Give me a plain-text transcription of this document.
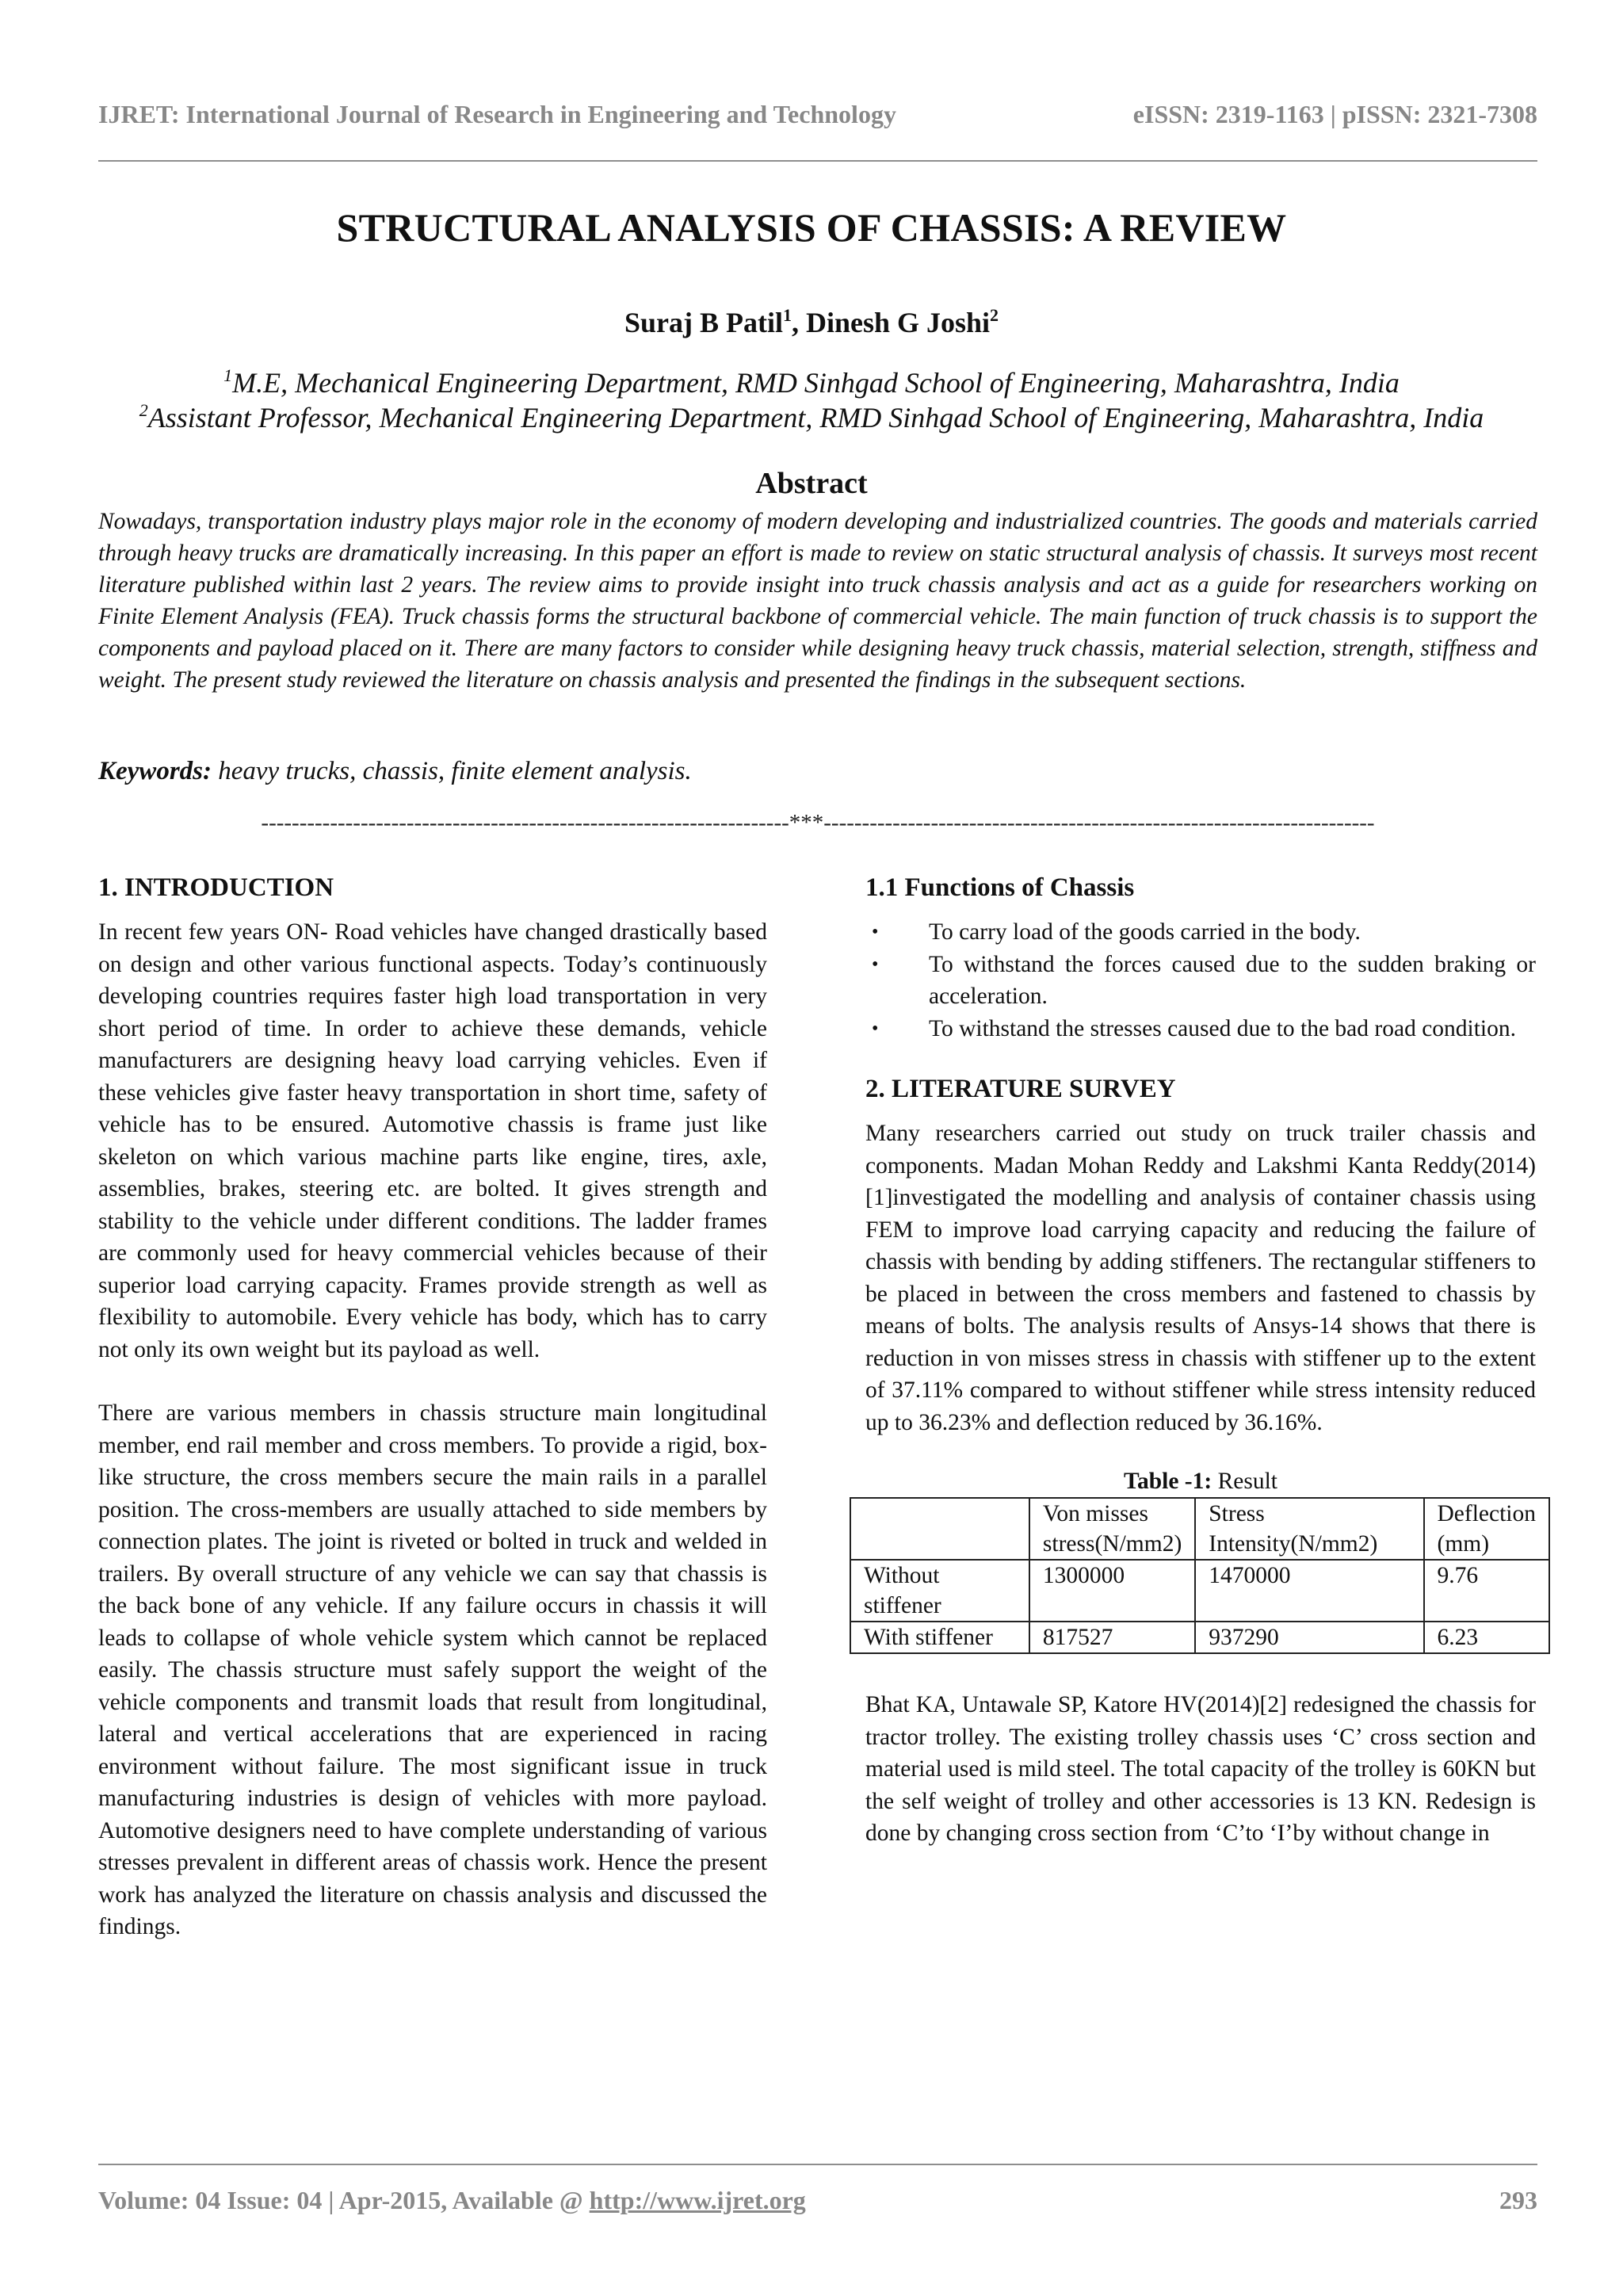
IJRET: International Journal of Research in Engineering and Technology	eISSN: 2319-1163 | pISSN: 2321-7308
STRUCTURAL ANALYSIS OF CHASSIS: A REVIEW
Suraj B Patil$^1$, Dinesh G Joshi$^2$
$^1$M.E, Mechanical Engineering Department, RMD Sinhgad School of Engineering, Maharashtra, India
$^2$Assistant Professor, Mechanical Engineering Department, RMD Sinhgad School of Engineering, Maharashtra, India
Abstract
Nowadays, transportation industry plays major role in the economy of modern developing and industrialized countries. The goods and materials carried through heavy trucks are dramatically increasing. In this paper an effort is made to review on static structural analysis of chassis. It surveys most recent literature published within last 2 years. The review aims to provide insight into truck chassis analysis and act as a guide for researchers working on Finite Element Analysis (FEA). Truck chassis forms the structural backbone of commercial vehicle. The main function of truck chassis is to support the components and payload placed on it. There are many factors to consider while designing heavy truck chassis, material selection, strength, stiffness and weight. The present study reviewed the literature on chassis analysis and presented the findings in the subsequent sections.
Keywords: heavy trucks, chassis, finite element analysis.
---------------------------------------------------------------------***------------------------------------------------------------------------
1. INTRODUCTION

In recent few years ON- Road vehicles have changed drastically based on design and other various functional aspects. Today’s continuously developing countries requires faster high load transportation in very short period of time. In order to achieve these demands, vehicle manufacturers are designing heavy load carrying vehicles. Even if these vehicles give faster heavy transportation in short time, safety of vehicle has to be ensured. Automotive chassis is frame just like skeleton on which various machine parts like engine, tires, axle, assemblies, brakes, steering etc. are bolted. It gives strength and stability to the vehicle under different conditions. The ladder frames are commonly used for heavy commercial vehicles because of their superior load carrying capacity. Frames provide strength as well as flexibility to automobile. Every vehicle has body, which has to carry not only its own weight but its payload as well.

There are various members in chassis structure main longitudinal member, end rail member and cross members. To provide a rigid, box-like structure, the cross members secure the main rails in a parallel position. The cross-members are usually attached to side members by connection plates. The joint is riveted or bolted in truck and welded in trailers. By overall structure of any vehicle we can say that chassis is the back bone of any vehicle. If any failure occurs in chassis it will leads to collapse of whole vehicle system which cannot be replaced easily. The chassis structure must safely support the weight of the vehicle components and transmit loads that result from longitudinal, lateral and vertical accelerations that are experienced in racing environment without failure. The most significant issue in truck manufacturing industries is design of vehicles with more payload. Automotive designers need to have complete understanding of various stresses prevalent in different areas of chassis work. Hence the present work has analyzed the literature on chassis analysis and discussed the findings.

1.1 Functions of Chassis
• To carry load of the goods carried in the body.
• To withstand the forces caused due to the sudden braking or acceleration.
• To withstand the stresses caused due to the bad road condition.
2. LITERATURE SURVEY

Many researchers carried out study on truck trailer chassis and components. Madan Mohan Reddy and Lakshmi Kanta Reddy(2014)[1]investigated the modelling and analysis of container chassis using FEM to improve load carrying capacity and reducing the failure of chassis with bending by adding stiffeners. The rectangular stiffeners to be placed in between the cross members and fastened to chassis by means of bolts. The analysis results of Ansys-14 shows that there is reduction in von misses stress in chassis with stiffener up to the extent of 37.11% compared to without stiffener while stress intensity reduced up to 36.23% and deflection reduced by 36.16%.

Table -1: Result
	Von misses stress(N/mm2)	Stress Intensity(N/mm2)	Deflection (mm)
Without stiffener	1300000	1470000	9.76
With stiffener	817527	937290	6.23

Bhat KA, Untawale SP, Katore HV(2014)[2] redesigned the chassis for tractor trolley. The existing trolley chassis uses ‘C’ cross section and material used is mild steel. The total capacity of the trolley is 60KN but the self weight of trolley and other accessories is 13 KN. Redesign is done by changing cross section from ‘C’to ‘I’by without change in

Volume: 04 Issue: 04 | Apr-2015, Available @ http://www.ijret.org	293
